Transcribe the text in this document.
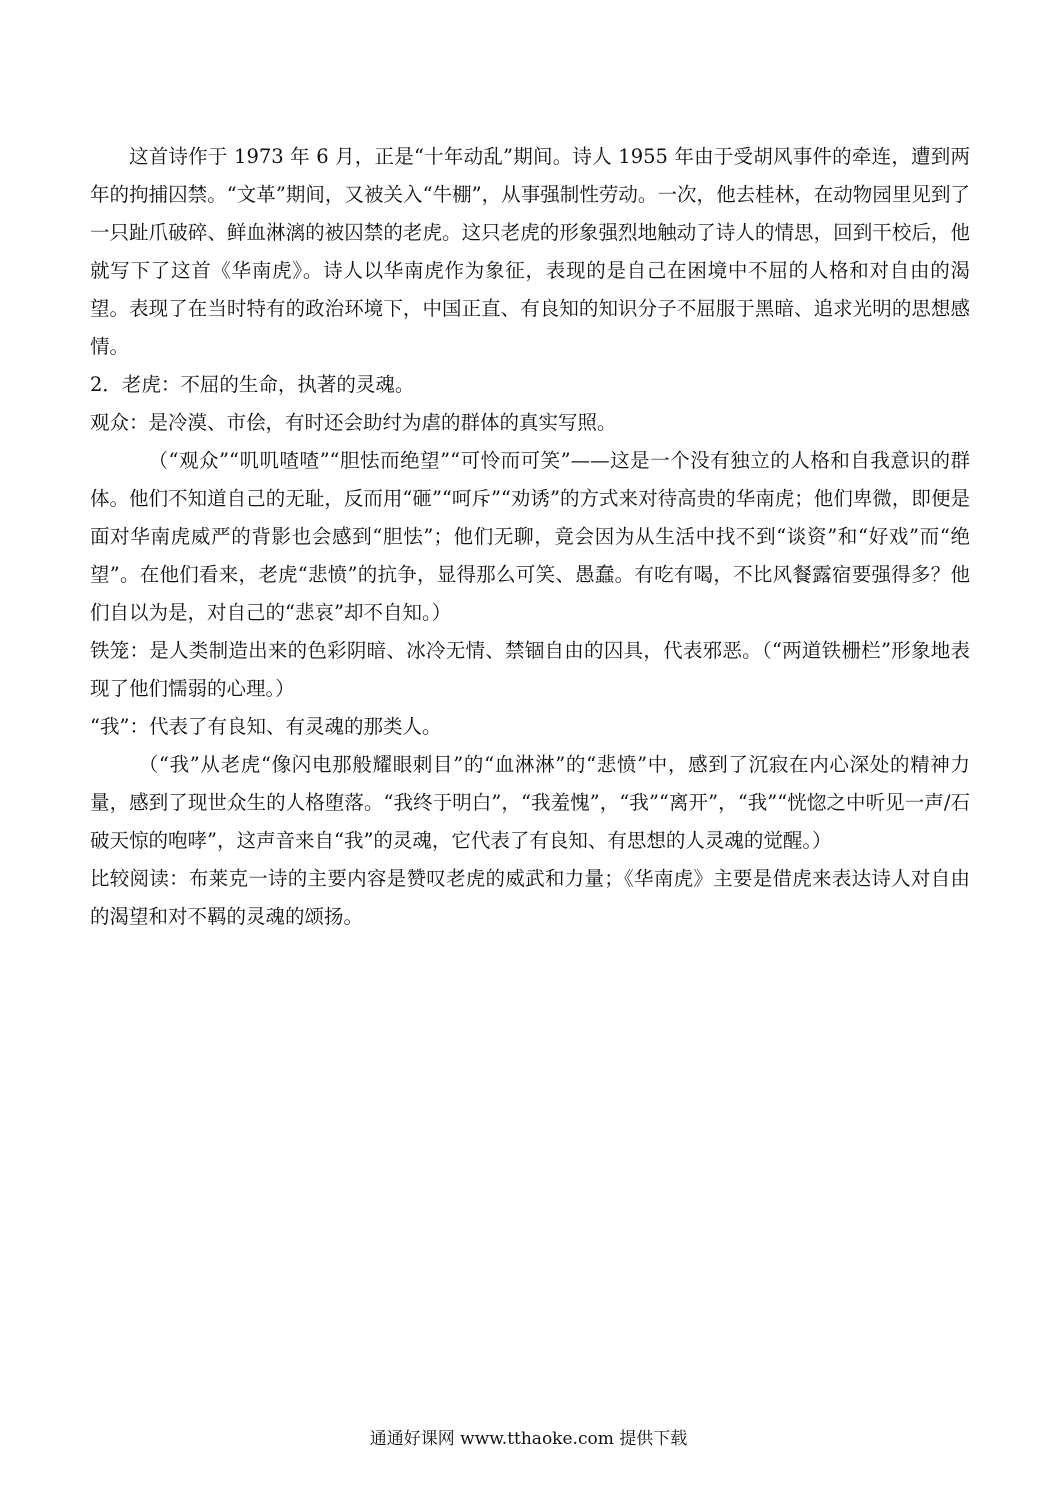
这首诗作于 1973 年 6 月，正是“十年动乱”期间。诗人 1955 年由于受胡风事件的牵连，遭到两年的拘捕囚禁。“文革”期间，又被关入“牛棚”，从事强制性劳动。一次，他去桂林，在动物园里见到了一只趾爪破碎、鲜血淋漓的被囚禁的老虎。这只老虎的形象强烈地触动了诗人的情思，回到干校后，他就写下了这首《华南虎》。诗人以华南虎作为象征，表现的是自己在困境中不屈的人格和对自由的渴望。表现了在当时特有的政治环境下，中国正直、有良知的知识分子不屈服于黑暗、追求光明的思想感情。

2．老虎：不屈的生命，执著的灵魂。

观众：是冷漠、市侩，有时还会助纣为虐的群体的真实写照。

（“观众”“叽叽喳喳”“胆怯而绝望”“可怜而可笑”——这是一个没有独立的人格和自我意识的群体。他们不知道自己的无耻，反而用“砸”“呵斥”“劝诱”的方式来对待高贵的华南虎；他们卑微，即便是面对华南虎威严的背影也会感到“胆怯”；他们无聊，竟会因为从生活中找不到“谈资”和“好戏”而“绝望”。在他们看来，老虎“悲愤”的抗争，显得那么可笑、愚蠢。有吃有喝，不比风餐露宿要强得多？他们自以为是，对自己的“悲哀”却不自知。）

铁笼：是人类制造出来的色彩阴暗、冰冷无情、禁锢自由的囚具，代表邪恶。（“两道铁栅栏”形象地表现了他们懦弱的心理。）

“我”：代表了有良知、有灵魂的那类人。

（“我”从老虎“像闪电那般耀眼刺目”的“血淋淋”的“悲愤”中，感到了沉寂在内心深处的精神力量，感到了现世众生的人格堕落。“我终于明白”，“我羞愧”，“我”“离开”，“我”“恍惚之中听见一声/石破天惊的咆哮”，这声音来自“我”的灵魂，它代表了有良知、有思想的人灵魂的觉醒。）

比较阅读：布莱克一诗的主要内容是赞叹老虎的威武和力量；《华南虎》主要是借虎来表达诗人对自由的渴望和对不羁的灵魂的颂扬。

通通好课网 www.tthaoke.com 提供下载
